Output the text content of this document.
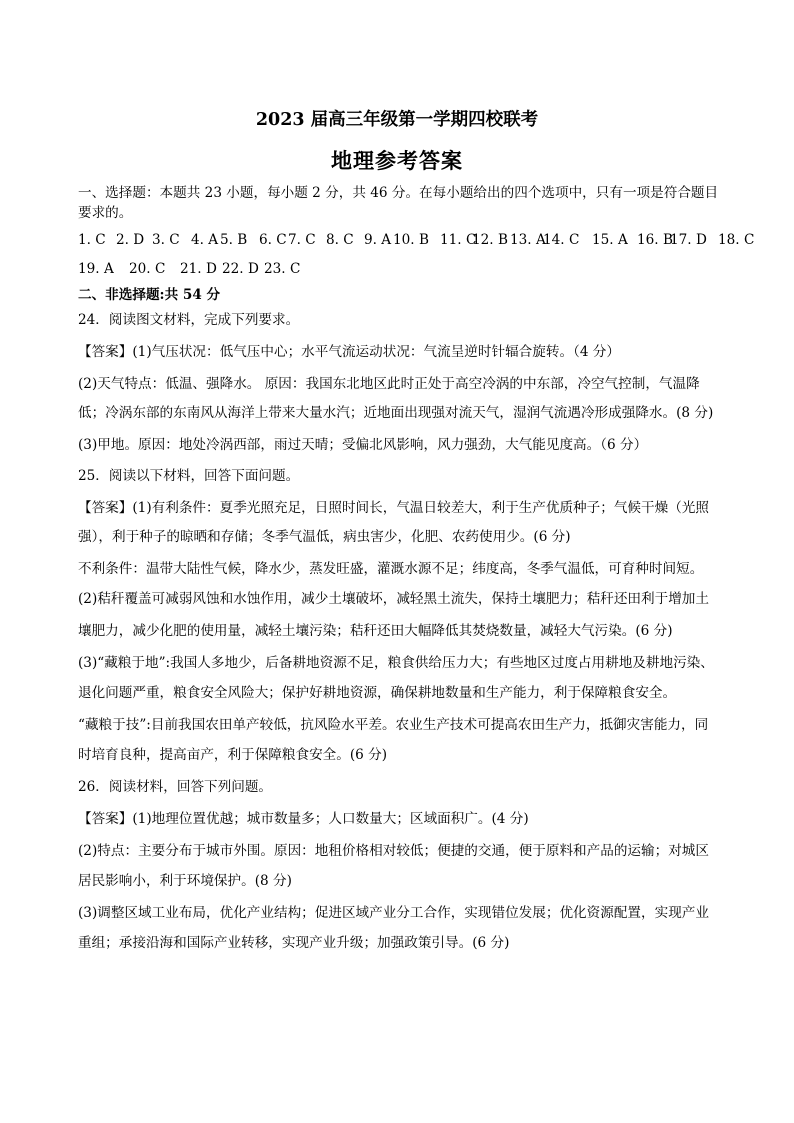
2023 届高三年级第一学期四校联考
地理参考答案
一、选择题：本题共 23 小题，每小题 2 分，共 46 分。在每小题给出的四个选项中，只有一项是符合题目
要求的。
1. C 2. D 3. C 4. A 5. B 6. C 7. C 8. C 9. A 10. B 11. C
12. B 13. A
14. C 15. A 16. B
17. D 18. C
19. A 20. C 21. D 22. D 23. C
二、非选择题:共 54 分
24．阅读图文材料，完成下列要求。
【答案】(1)气压状况：低气压中心；水平气流运动状况：气流呈逆时针辐合旋转。（4 分）
(2)天气特点：低温、强降水。 原因：我国东北地区此时正处于高空冷涡的中东部，冷空气控制，气温降
低；冷涡东部的东南风从海洋上带来大量水汽；近地面出现强对流天气，湿润气流遇冷形成强降水。(8 分)
(3)甲地。原因：地处冷涡西部，雨过天晴；受偏北风影响，风力强劲，大气能见度高。（6 分）
25．阅读以下材料，回答下面问题。
【答案】(1)有利条件：夏季光照充足，日照时间长，气温日较差大，利于生产优质种子；气候干燥（光照
强），利于种子的晾晒和存储；冬季气温低，病虫害少，化肥、农药使用少。(6 分)
不利条件：温带大陆性气候，降水少，蒸发旺盛，灌溉水源不足；纬度高，冬季气温低，可育种时间短。
(2)秸秆覆盖可减弱风蚀和水蚀作用，减少土壤破坏，减轻黑土流失，保持土壤肥力；秸秆还田利于增加土
壤肥力，减少化肥的使用量，减轻土壤污染；秸秆还田大幅降低其焚烧数量，减轻大气污染。(6 分)
(3)“藏粮于地”:我国人多地少，后备耕地资源不足，粮食供给压力大；有些地区过度占用耕地及耕地污染、
退化问题严重，粮食安全风险大；保护好耕地资源，确保耕地数量和生产能力，利于保障粮食安全。
“藏粮于技”:目前我国农田单产较低，抗风险水平差。农业生产技术可提高农田生产力，抵御灾害能力，同
时培育良种，提高亩产，利于保障粮食安全。(6 分)
26．阅读材料，回答下列问题。
【答案】(1)地理位置优越；城市数量多；人口数量大；区域面积广。(4 分)
(2)特点：主要分布于城市外围。原因：地租价格相对较低；便捷的交通，便于原料和产品的运输；对城区
居民影响小，利于环境保护。(8 分)
(3)调整区域工业布局，优化产业结构；促进区域产业分工合作，实现错位发展；优化资源配置，实现产业
重组；承接沿海和国际产业转移，实现产业升级；加强政策引导。(6 分)
